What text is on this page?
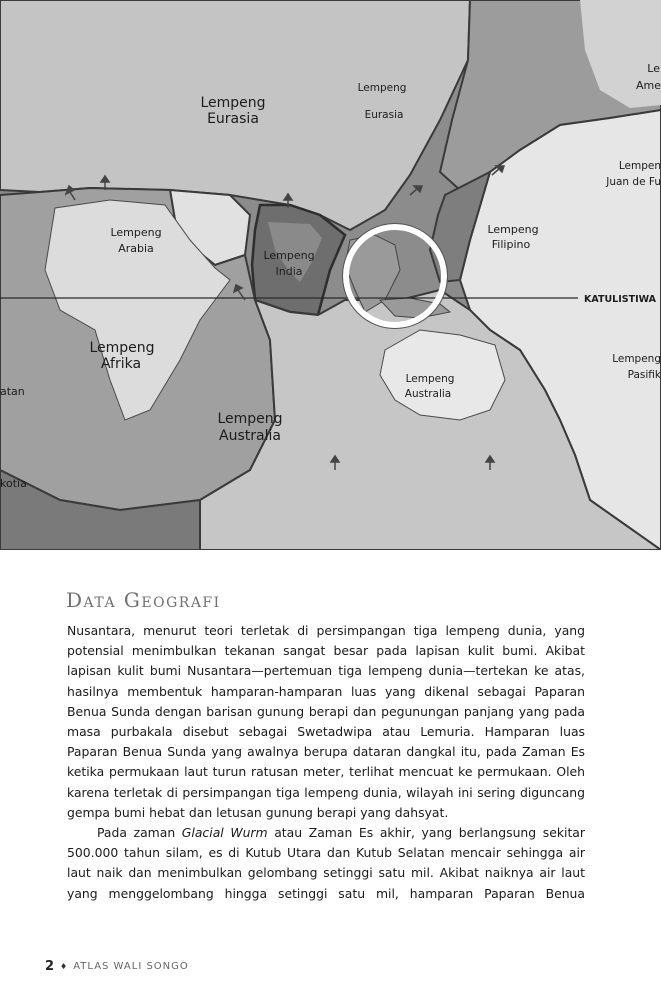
Lempeng
Eurasia
Lempeng
Eurasia
Le
Ame
Lempen
Juan de Fu
Lempeng
Arabia
Lempeng
India
Lempeng
Filipino
KATULISTIWA
Lempeng
Afrika
atan
Lempeng
Pasifik
Lempeng
Australia
Lempeng
Australia
kotia
Data Geografi

Nusantara, menurut teori terletak di persimpangan tiga lempeng dunia, yang potensial menimbulkan tekanan sangat besar pada lapisan kulit bumi. Akibat lapisan kulit bumi Nusantara—pertemuan tiga lempeng dunia—tertekan ke atas, hasilnya membentuk hamparan-hamparan luas yang dikenal sebagai Paparan Benua Sunda dengan barisan gunung berapi dan pegunungan panjang yang pada masa purbakala disebut sebagai Swetadwipa atau Lemuria. Hamparan luas Paparan Benua Sunda yang awalnya berupa dataran dangkal itu, pada Zaman Es ketika permukaan laut turun ratusan meter, terlihat mencuat ke permukaan. Oleh karena terletak di persimpangan tiga lempeng dunia, wilayah ini sering diguncang gempa bumi hebat dan letusan gunung berapi yang dahsyat.

Pada zaman Glacial Wurm atau Zaman Es akhir, yang berlangsung sekitar 500.000 tahun silam, es di Kutub Utara dan Kutub Selatan mencair sehingga air laut naik dan menimbulkan gelombang setinggi satu mil. Akibat naiknya air laut yang menggelombang hingga setinggi satu mil, hamparan Paparan Benua

2 ♦ ATLAS WALI SONGO
